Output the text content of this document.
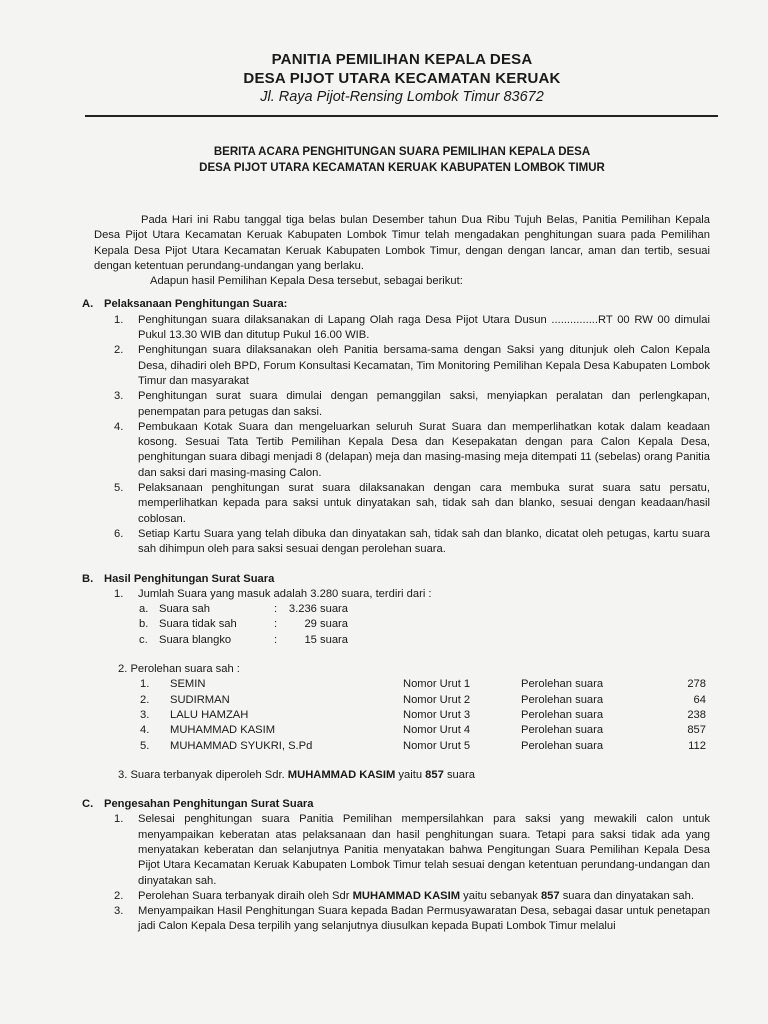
PANITIA PEMILIHAN KEPALA DESA
DESA PIJOT UTARA KECAMATAN KERUAK
Jl. Raya Pijot-Rensing Lombok Timur 83672
BERITA ACARA PENGHITUNGAN SUARA PEMILIHAN KEPALA DESA
DESA PIJOT UTARA KECAMATAN KERUAK KABUPATEN LOMBOK TIMUR
Pada Hari ini Rabu tanggal tiga belas bulan Desember tahun Dua Ribu Tujuh Belas, Panitia Pemilihan Kepala Desa Pijot Utara Kecamatan Keruak Kabupaten Lombok Timur telah mengadakan penghitungan suara pada Pemilihan Kepala Desa Pijot Utara Kecamatan Keruak Kabupaten Lombok Timur, dengan dengan lancar, aman dan tertib, sesuai dengan ketentuan perundang-undangan yang berlaku.
Adapun hasil Pemilihan Kepala Desa tersebut, sebagai berikut:
A. Pelaksanaan Penghitungan Suara:
1.	Penghitungan suara dilaksanakan di Lapang Olah raga Desa Pijot Utara Dusun ...............RT 00 RW 00 dimulai Pukul 13.30 WIB dan ditutup Pukul 16.00 WIB.
2.	Penghitungan suara dilaksanakan oleh Panitia bersama-sama dengan Saksi yang ditunjuk oleh Calon Kepala Desa, dihadiri oleh BPD, Forum Konsultasi Kecamatan, Tim Monitoring Pemilihan Kepala Desa Kabupaten Lombok Timur dan masyarakat
3.	Penghitungan surat suara dimulai dengan pemanggilan saksi, menyiapkan peralatan dan perlengkapan, penempatan para petugas dan saksi.
4.	Pembukaan Kotak Suara dan mengeluarkan seluruh Surat Suara dan memperlihatkan kotak dalam keadaan kosong. Sesuai Tata Tertib Pemilihan Kepala Desa dan Kesepakatan dengan para Calon Kepala Desa, penghitungan suara dibagi menjadi 8 (delapan) meja dan masing-masing meja ditempati 11 (sebelas) orang Panitia dan saksi dari masing-masing Calon.
5.	Pelaksanaan penghitungan surat suara dilaksanakan dengan cara membuka surat suara satu persatu, memperlihatkan kepada para saksi untuk dinyatakan sah, tidak sah dan blanko, sesuai dengan keadaan/hasil coblosan.
6.	Setiap Kartu Suara yang telah dibuka dan dinyatakan sah, tidak sah dan blanko, dicatat oleh petugas, kartu suara sah dihimpun oleh para saksi sesuai dengan perolehan suara.
B. Hasil Penghitungan Surat Suara
1.	Jumlah Suara yang masuk adalah 3.280 suara, terdiri dari :
a. Suara sah	:	3.236 suara
b. Suara tidak sah	:	29 suara
c.	Suara blangko	:	15 suara
2. Perolehan suara sah :
1.	SEMIN	Nomor Urut 1	Perolehan suara	278
2.	SUDIRMAN	Nomor Urut 2	Perolehan suara	64
3.	LALU HAMZAH	Nomor Urut 3	Perolehan suara	238
4.	MUHAMMAD KASIM	Nomor Urut 4	Perolehan suara	857
5.	MUHAMMAD SYUKRI, S.Pd	Nomor Urut 5	Perolehan suara	112
3. Suara terbanyak diperoleh Sdr. MUHAMMAD KASIM yaitu 857 suara
C. Pengesahan Penghitungan Surat Suara
1.	Selesai penghitungan suara Panitia Pemilihan mempersilahkan para saksi yang mewakili calon untuk menyampaikan keberatan atas pelaksanaan dan hasil penghitungan suara. Tetapi para saksi tidak ada yang menyatakan keberatan dan selanjutnya Panitia menyatakan bahwa Pengitungan Suara Pemilihan Kepala Desa Pijot Utara Kecamatan Keruak Kabupaten Lombok Timur telah sesuai dengan ketentuan perundang-undangan dan dinyatakan sah.
2.	Perolehan Suara terbanyak diraih oleh Sdr MUHAMMAD KASIM yaitu sebanyak 857 suara dan dinyatakan sah.
3.	Menyampaikan Hasil Penghitungan Suara kepada Badan Permusyawaratan Desa, sebagai dasar untuk penetapan jadi Calon Kepala Desa terpilih yang selanjutnya diusulkan kepada Bupati Lombok Timur melalui
